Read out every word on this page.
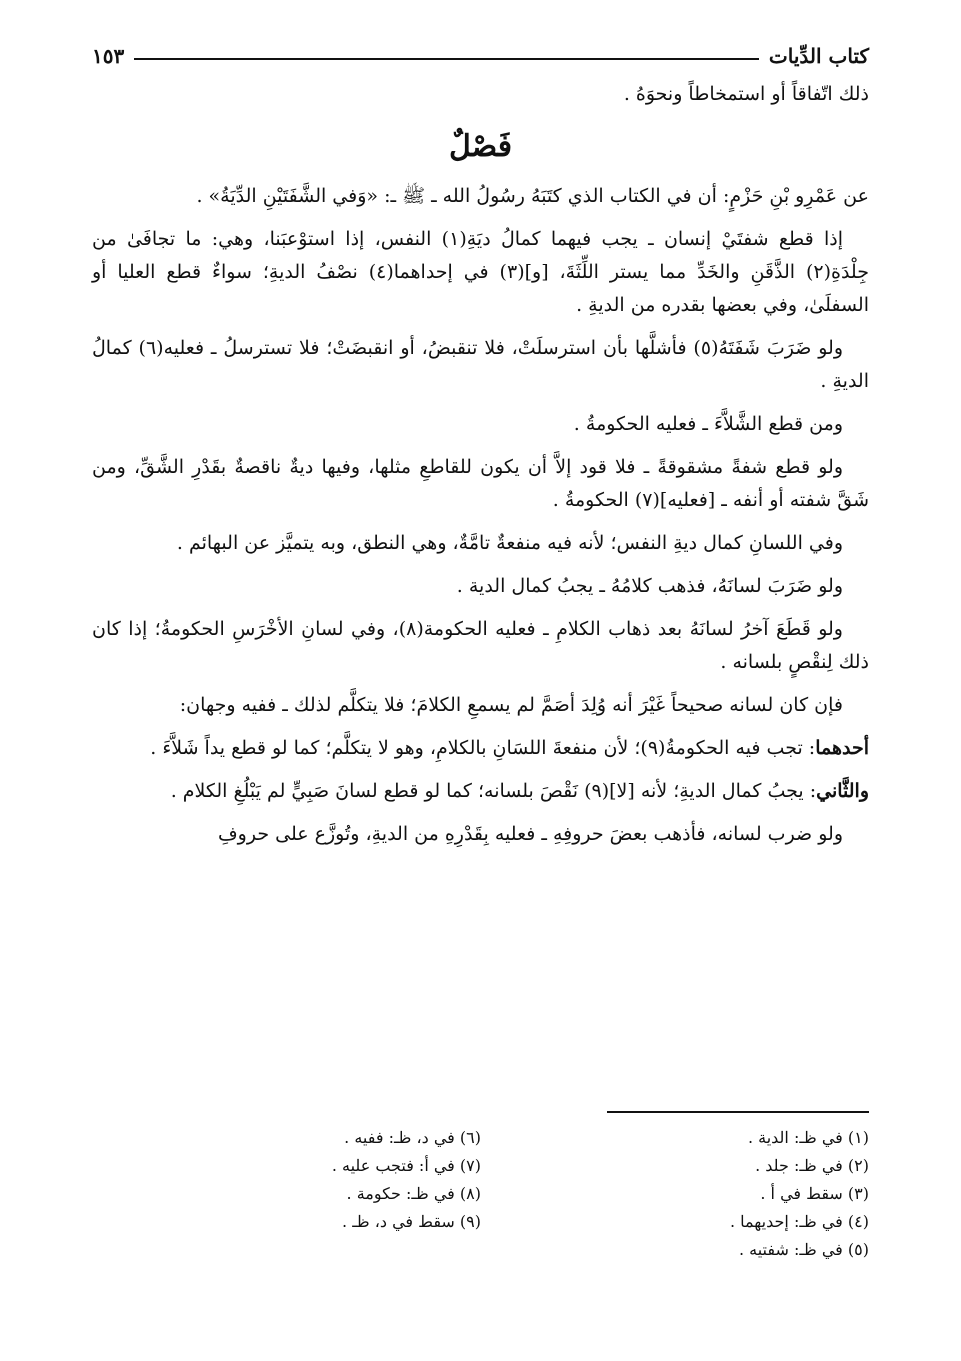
كتاب الدِّيات
١٥٣

ذلك اتّفاقاً أو استمخاطاً ونحوَهُ .

فَصْلٌ

عن عَمْرِو بْنِ حَزْمٍ: أن في الكتاب الذي كتَبَهُ رسُولُ الله ـ ﷺ ـ: «وَفي الشَّفَتَيْنِ الدِّيَةُ» .

إذا قطع شفتَيْ إنسان ـ يجب فيهما كمالُ ديَةِ(١) النفس، إذا استوْعبَنا، وهي: ما تجافَىٰ من جِلْدَةِ(٢) الذَّقَنِ والخَدِّ مما يستر اللِّثَةَ، [و](٣) في إحداهما(٤) نصْفُ الديةِ؛ سواءٌ قطع العليا أو السفلَىٰ، وفي بعضها بقدره من الديةِ .

ولو ضَرَبَ شَفَتَهُ(٥) فأشلَّها بأن استرسلَتْ، فلا تنقبضُ، أو انقبضَتْ؛ فلا تسترسلُ ـ فعليه(٦) كمالُ الديةِ .

ومن قطع الشَّلاَّءَ ـ فعليه الحكومةُ .

ولو قطع شفةً مشقوقةً ـ فلا قود إلاَّ أن يكون للقاطعِ مثلها، وفيها ديةٌ ناقصةٌ بقَدْرِ الشَّقِّ، ومن شَقَّ شفته أو أنفه ـ [فعليه](٧) الحكومةُ .

وفي اللسانِ كمال ديةِ النفس؛ لأنه فيه منفعةٌ تامَّةٌ، وهي النطق، وبه يتميَّز عن البهائم .

ولو ضَرَبَ لسانَهُ، فذهب كلامُهُ ـ يجبُ كمال الدية .

ولو قَطَعَ آخرُ لسانَهُ بعد ذهاب الكلامِ ـ فعليه الحكومة(٨)، وفي لسانِ الأخْرَسِ الحكومةُ؛ إذا كان ذلك لِنقْصٍ بلسانه .

فإن كان لسانه صحيحاً غَيْرَ أنه وُلِدَ أصَمَّ لم يسمعِ الكلامَ؛ فلا يتكلَّم لذلك ـ ففيه وجهان:

أحدهما: تجب فيه الحكومةُ(٩)؛ لأن منفعةَ اللسَانِ بالكلامِ، وهو لا يتكلَّم؛ كما لو قطع يداً شَلاَّءَ .

والثَّاني: يجبُ كمال الديةِ؛ لأنه [لا](٩) نَقْصَ بلسانه؛ كما لو قطع لسانَ صَبِيٍّ لم يَبْلُغِ الكلام .

ولو ضرب لسانه، فأذهب بعضَ حروفِهِ ـ فعليه بِقَدْرِهِ من الديةِ، وتُوزَّع على حروفِ

(١) في ظـ: الدية .
(٢) في ظـ: جلد .
(٣) سقط في أ .
(٤) في ظـ: إحديهما .
(٥) في ظـ: شفتيه .
(٦) في د، ظـ: ففيه .
(٧) في أ: فتجب عليه .
(٨) في ظـ: حكومة .
(٩) سقط في د، ظـ .
